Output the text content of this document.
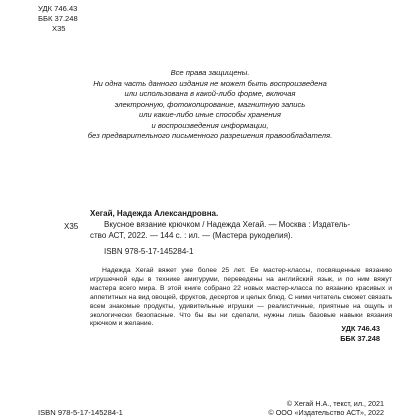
УДК 746.43
ББК 37.248
Х35
Все права защищены.
Ни одна часть данного издания не может быть воспроизведена
или использована в какой-либо форме, включая
электронную, фотокопирование, магнитную запись
или какие-либо иные способы хранения
и воспроизведения информации,
без предварительного письменного разрешения правообладателя.
Х35
Хегай, Надежда Александровна.
Вкусное вязание крючком / Надежда Хегай. — Москва : Издатель-
ство АСТ, 2022. — 144 с. : ил. — (Мастера рукоделия).
ISBN 978-5-17-145284-1
Надежда Хегай вяжет уже более 25 лет. Ее мастер-классы, посвященные вязанию игрушечной еды в технике амигуруми, переведены на английский язык, и по ним вяжут мастера всего мира. В этой книге собрано 22 новых мастер-класса по вязанию красивых и аппетитных на вид овощей, фруктов, десертов и целых блюд. С ними читатель сможет связать всем знакомые продукты, удивительные игрушки — реалистичные, приятные на ощупь и экологически безопасные. Что бы вы ни сделали, нужны лишь базовые навыки вязания крючком и желание.
УДК 746.43
ББК 37.248
ISBN 978-5-17-145284-1
© Хегай Н.А., текст, ил., 2021
© ООО «Издательство АСТ», 2022
